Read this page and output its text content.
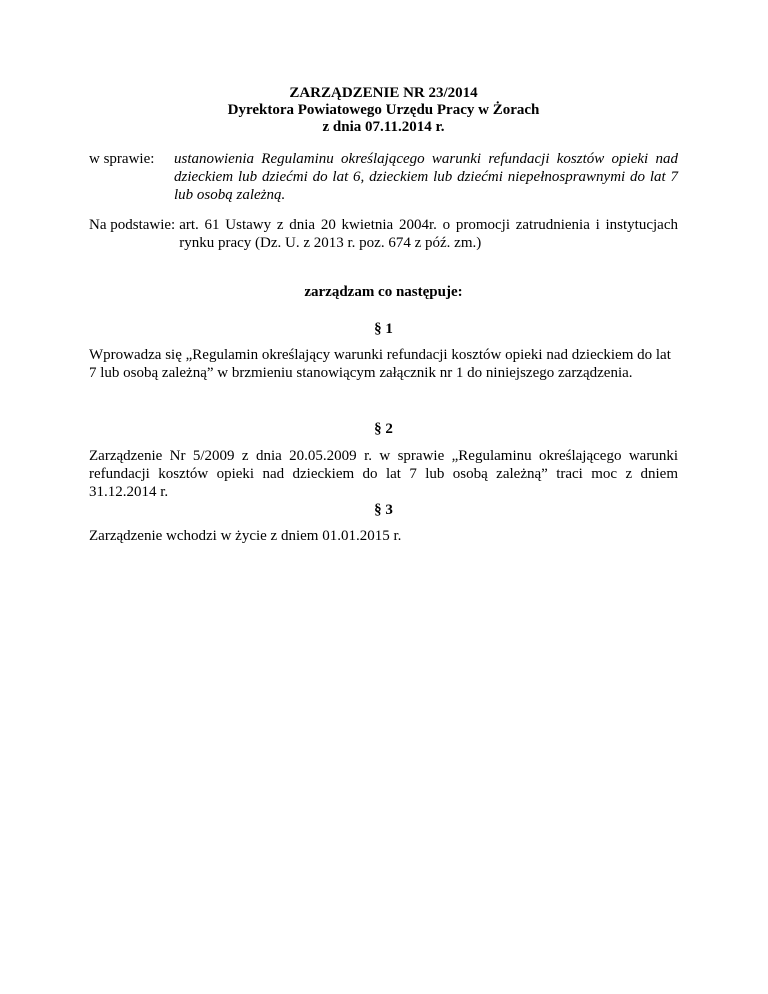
ZARZĄDZENIE NR 23/2014
Dyrektora Powiatowego Urzędu Pracy w Żorach
z dnia 07.11.2014 r.
w sprawie:	ustanowienia Regulaminu określającego warunki refundacji kosztów opieki nad dzieckiem lub dziećmi do lat 6, dzieckiem lub dziećmi niepełnosprawnymi do lat 7 lub osobą zależną.
Na podstawie: art. 61 Ustawy z dnia 20 kwietnia 2004r. o promocji zatrudnienia i instytucjach rynku pracy (Dz. U. z 2013 r. poz. 674 z póź. zm.)
zarządzam co następuje:
§ 1
Wprowadza się „Regulamin określający warunki refundacji kosztów opieki nad dzieckiem do lat 7 lub osobą zależną” w brzmieniu stanowiącym załącznik nr 1 do niniejszego zarządzenia.
§ 2
Zarządzenie Nr 5/2009 z dnia 20.05.2009 r. w sprawie „Regulaminu określającego warunki refundacji kosztów opieki nad dzieckiem do lat 7 lub osobą zależną” traci moc z dniem 31.12.2014 r.
§ 3
Zarządzenie wchodzi w życie z dniem 01.01.2015 r.
